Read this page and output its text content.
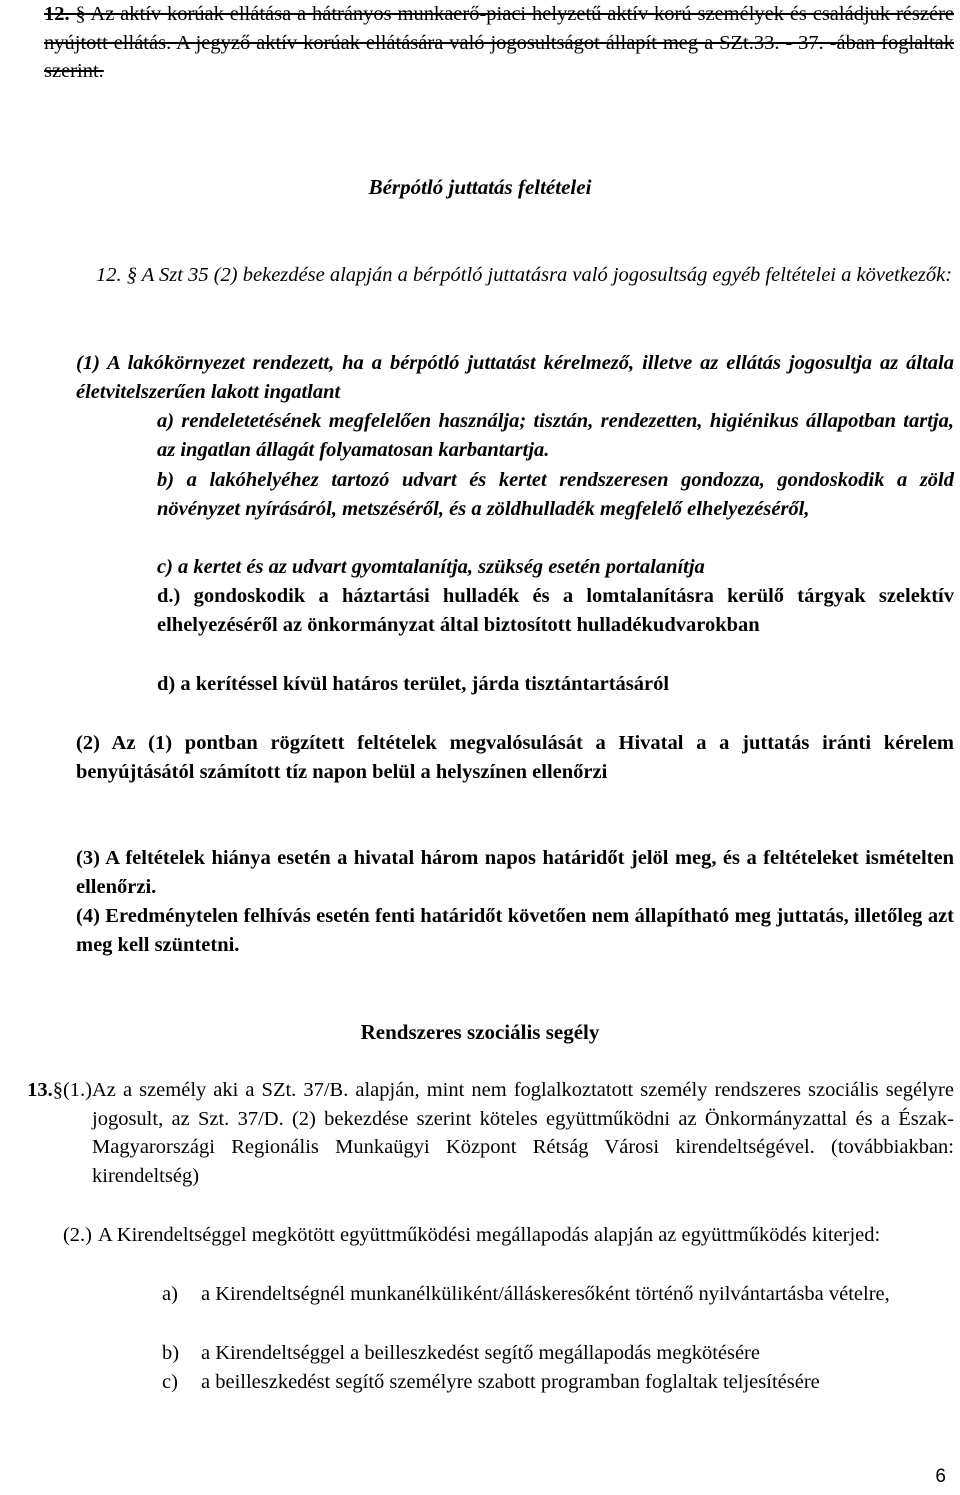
12. § Az aktív korúak ellátása a hátrányos munkaerő-piaci helyzetű aktív korú személyek és családjuk részére nyújtott ellátás. A jegyző aktív korúak ellátására való jogosultságot állapít meg a SZt.33. - 37. -ában foglaltak szerint.
Bérpótló juttatás feltételei
12. § A Szt 35 (2) bekezdése alapján a bérpótló juttatásra való jogosultság egyéb feltételei a következők:
(1) A lakókörnyezet rendezett, ha a bérpótló juttatást kérelmező, illetve az ellátás jogosultja az általa életvitelszerűen lakott ingatlant
a) rendeletetésének megfelelően használja; tisztán, rendezetten, higiénikus állapotban tartja, az ingatlan állagát folyamatosan karbantartja.
b) a lakóhelyéhez tartozó udvart és kertet rendszeresen gondozza, gondoskodik a zöld növényzet nyírásáról, metszéséről, és a zöldhulladék megfelelő elhelyezéséről,
c) a kertet és az udvart gyomtalanítja, szükség esetén portalanítja
d.) gondoskodik a háztartási hulladék és a lomtalanításra kerülő tárgyak szelektív elhelyezéséről az önkormányzat által biztosított hulladékudvarokban
d) a kerítéssel kívül határos terület, járda tisztántartásáról
(2) Az (1) pontban rögzített feltételek megvalósulását a Hivatal a a juttatás iránti kérelem benyújtásától számított tíz napon belül a helyszínen ellenőrzi
(3) A feltételek hiánya esetén a hivatal három napos határidőt jelöl meg, és a feltételeket ismételten ellenőrzi.
(4) Eredménytelen felhívás esetén fenti határidőt követően nem állapítható meg juttatás, illetőleg azt meg kell szüntetni.
Rendszeres szociális segély
13.§(1.) Az a személy aki a SZt. 37/B. alapján, mint nem foglalkoztatott személy rendszeres szociális segélyre jogosult, az Szt. 37/D. (2) bekezdése szerint köteles együttműködni az Önkormányzattal és a Észak-Magyarországi Regionális Munkaügyi Központ Rétság Városi kirendeltségével. (továbbiakban: kirendeltség)
(2.) A Kirendeltséggel megkötött együttműködési megállapodás alapján az együttműködés kiterjed:
a)	a Kirendeltségnél munkanélküliként/álláskeresőként történő nyilvántartásba vételre,
b)	a Kirendeltséggel a beilleszkedést segítő megállapodás megkötésére
c)	a beilleszkedést segítő személyre szabott programban foglaltak teljesítésére
6
